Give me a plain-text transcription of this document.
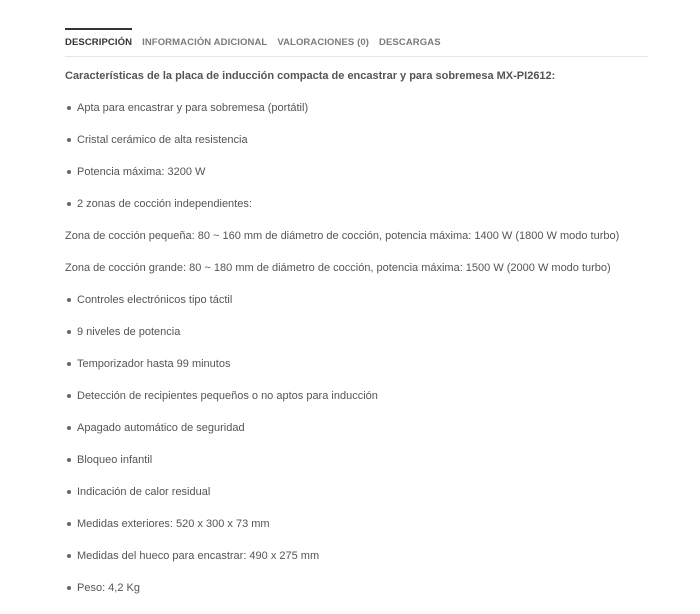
DESCRIPCIÓN INFORMACIÓN ADICIONAL VALORACIONES (0) DESCARGAS
Características de la placa de inducción compacta de encastrar y para sobremesa MX-PI2612:
Apta para encastrar y para sobremesa (portátil)
Cristal cerámico de alta resistencia
Potencia máxima: 3200 W
2 zonas de cocción independientes:
Zona de cocción pequeña: 80 ~ 160 mm de diámetro de cocción, potencia máxima: 1400 W (1800 W modo turbo)
Zona de cocción grande: 80 ~ 180 mm de diámetro de cocción, potencia máxima: 1500 W (2000 W modo turbo)
Controles electrónicos tipo táctil
9 niveles de potencia
Temporizador hasta 99 minutos
Detección de recipientes pequeños o no aptos para inducción
Apagado automático de seguridad
Bloqueo infantil
Indicación de calor residual
Medidas exteriores: 520 x 300 x 73 mm
Medidas del hueco para encastrar: 490 x 275 mm
Peso: 4,2 Kg
